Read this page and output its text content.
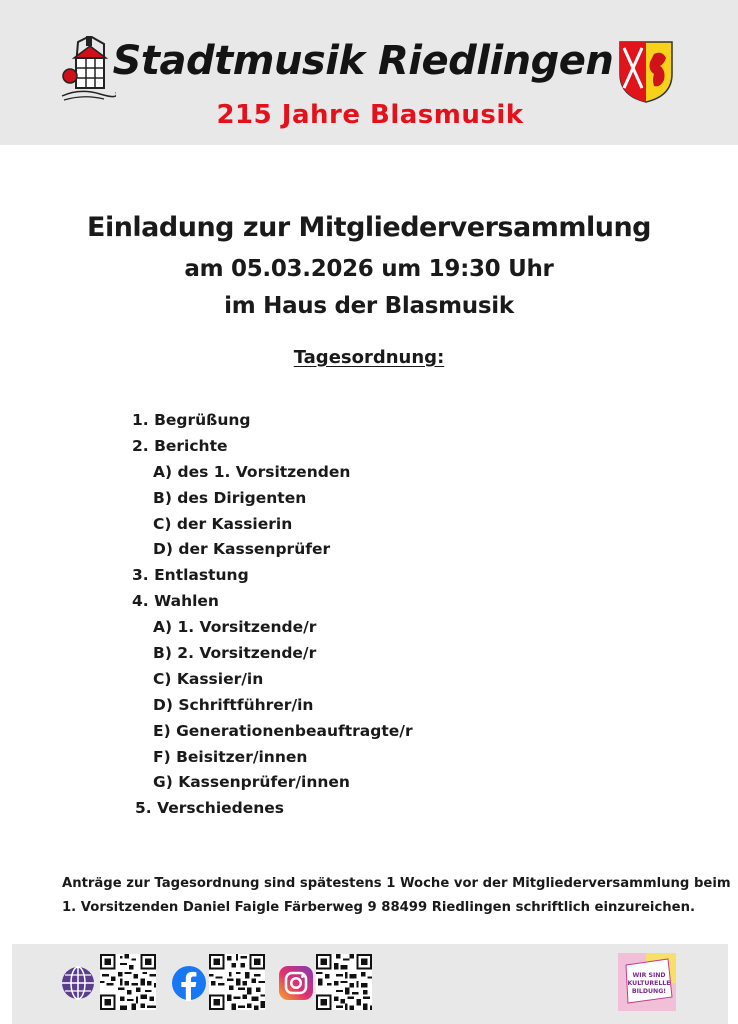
Stadtmusik Riedlingen
215 Jahre Blasmusik
Einladung zur Mitgliederversammlung
am 05.03.2026 um 19:30 Uhr
im Haus der Blasmusik
Tagesordnung:
1. Begrüßung
2. Berichte
A) des 1. Vorsitzenden
B) des Dirigenten
C) der Kassierin
D) der Kassenprüfer
3. Entlastung
4. Wahlen
A) 1. Vorsitzende/r
B) 2. Vorsitzende/r
C) Kassier/in
D) Schriftführer/in
E) Generationenbeauftragte/r
F) Beisitzer/innen
G) Kassenprüfer/innen
5. Verschiedenes
Anträge zur Tagesordnung sind spätestens 1 Woche vor der Mitgliederversammlung beim
1. Vorsitzenden Daniel Faigle Färberweg 9 88499 Riedlingen schriftlich einzureichen.
WIR SIND
KULTURELLE
BILDUNG!
